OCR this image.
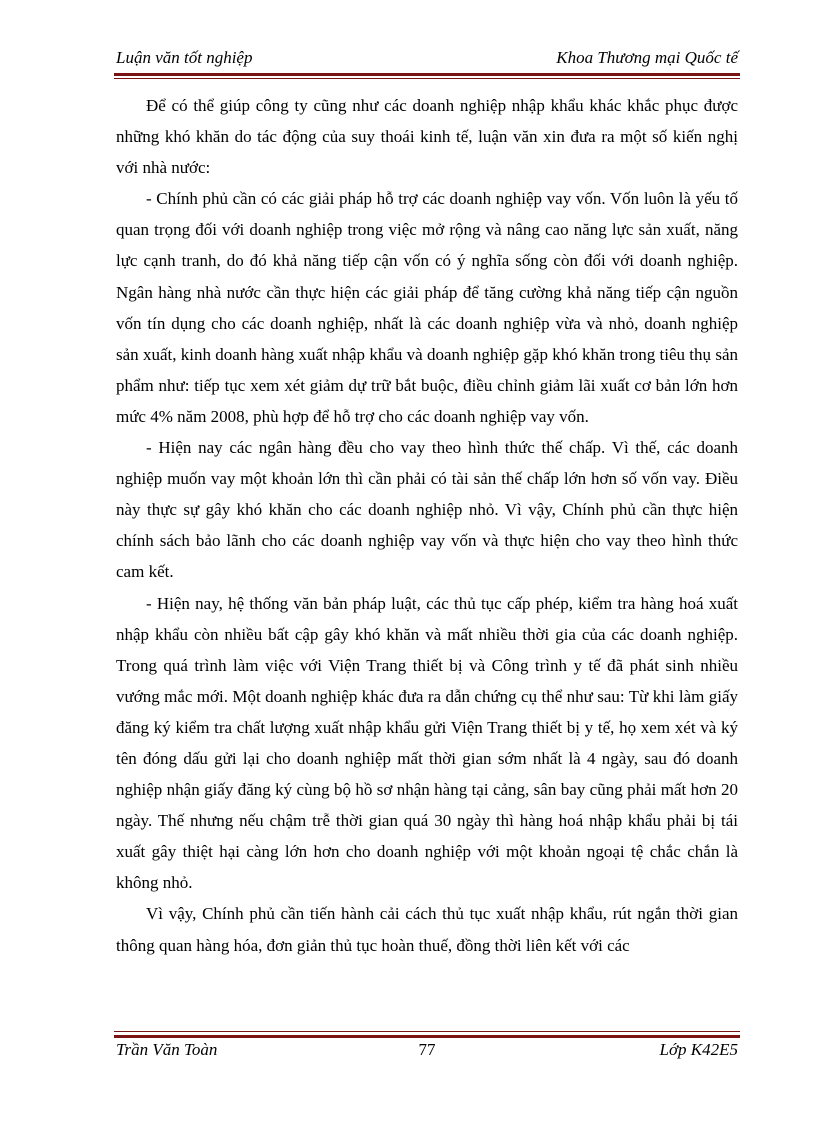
Luận văn tốt nghiệp	Khoa Thương mại Quốc tế

Để có thể giúp công ty cũng như các doanh nghiệp nhập khẩu khác khắc phục được những khó khăn do tác động của suy thoái kinh tế, luận văn xin đưa ra một số kiến nghị với nhà nước:

- Chính phủ cần có các giải pháp hỗ trợ các doanh nghiệp vay vốn. Vốn luôn là yếu tố quan trọng đối với doanh nghiệp trong việc mở rộng và nâng cao năng lực sản xuất, năng lực cạnh tranh, do đó khả năng tiếp cận vốn có ý nghĩa sống còn đối với doanh nghiệp. Ngân hàng nhà nước cần thực hiện các giải pháp để tăng cường khả năng tiếp cận nguồn vốn tín dụng cho các doanh nghiệp, nhất là các doanh nghiệp vừa và nhỏ, doanh nghiệp sản xuất, kinh doanh hàng xuất nhập khẩu và doanh nghiệp gặp khó khăn trong tiêu thụ sản phẩm như: tiếp tục xem xét giảm dự trữ bắt buộc, điều chỉnh giảm lãi xuất cơ bản lớn hơn mức 4% năm 2008, phù hợp để hỗ trợ cho các doanh nghiệp vay vốn.

- Hiện nay các ngân hàng đều cho vay theo hình thức thế chấp. Vì thế, các doanh nghiệp muốn vay một khoản lớn thì cần phải có tài sản thế chấp lớn hơn số vốn vay. Điều này thực sự gây khó khăn cho các doanh nghiệp nhỏ. Vì vậy, Chính phủ cần thực hiện chính sách bảo lãnh cho các doanh nghiệp vay vốn và thực hiện cho vay theo hình thức cam kết.

- Hiện nay, hệ thống văn bản pháp luật, các thủ tục cấp phép, kiểm tra hàng hoá xuất nhập khẩu còn nhiều bất cập gây khó khăn và mất nhiều thời gia của các doanh nghiệp. Trong quá trình làm việc với Viện Trang thiết bị và Công trình y tế đã phát sinh nhiều vướng mắc mới. Một doanh nghiệp khác đưa ra dẫn chứng cụ thể như sau: Từ khi làm giấy đăng ký kiểm tra chất lượng xuất nhập khẩu gửi Viện Trang thiết bị y tế, họ xem xét và ký tên đóng dấu gửi lại cho doanh nghiệp mất thời gian sớm nhất là 4 ngày, sau đó doanh nghiệp nhận giấy đăng ký cùng bộ hồ sơ nhận hàng tại cảng, sân bay cũng phải mất hơn 20 ngày. Thế nhưng nếu chậm trễ thời gian quá 30 ngày thì hàng hoá nhập khẩu phải bị tái xuất gây thiệt hại càng lớn hơn cho doanh nghiệp với một khoản ngoại tệ chắc chắn là không nhỏ.

Vì vậy, Chính phủ cần tiến hành cải cách thủ tục xuất nhập khẩu, rút ngắn thời gian thông quan hàng hóa, đơn giản thủ tục hoàn thuế, đồng thời liên kết với các

Trần Văn Toàn	77	Lớp K42E5
